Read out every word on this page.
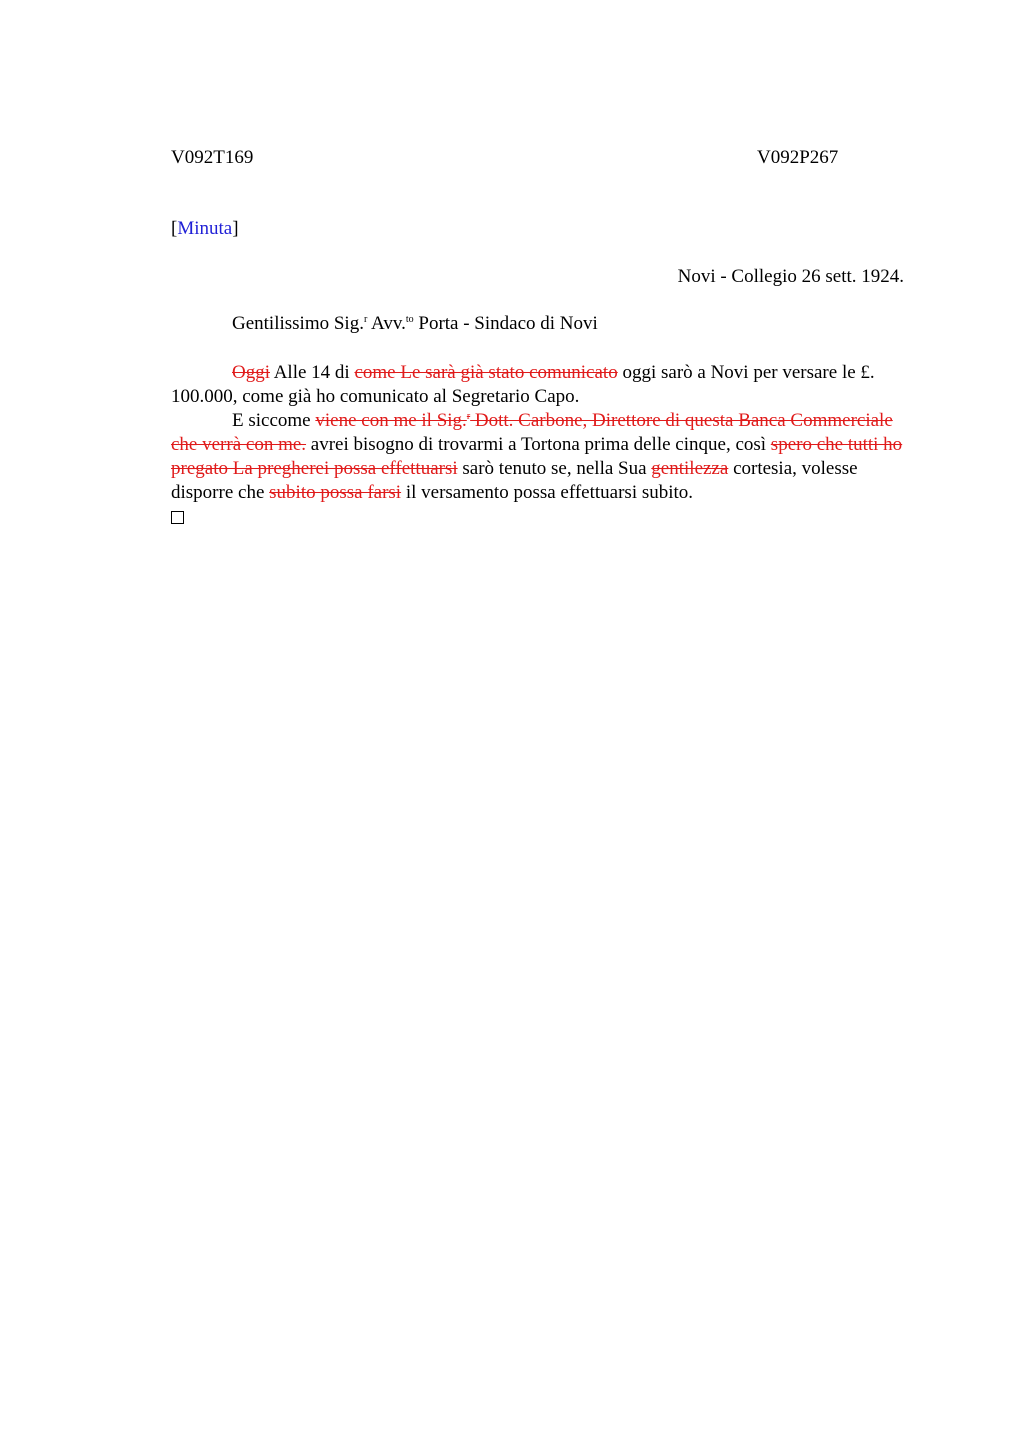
V092T169	V092P267
[Minuta]
Novi - Collegio 26 sett. 1924.
Gentilissimo Sig.$^r$ Avv.$^{to}$ Porta - Sindaco di Novi

Oggi Alle 14 di come Le sarà già stato comunicato oggi sarò a Novi per versare le £. 100.000, come già ho comunicato al Segretario Capo.

E siccome viene con me il Sig.$^r$ Dott. Carbone, Direttore di questa Banca Commerciale che verrà con me. avrei bisogno di trovarmi a Tortona prima delle cinque, così spero che tutti ho pregato La pregherei possa effettuarsi sarò tenuto se, nella Sua gentilezza cortesia, volesse disporre che subito possa farsi il versamento possa effettuarsi subito.
